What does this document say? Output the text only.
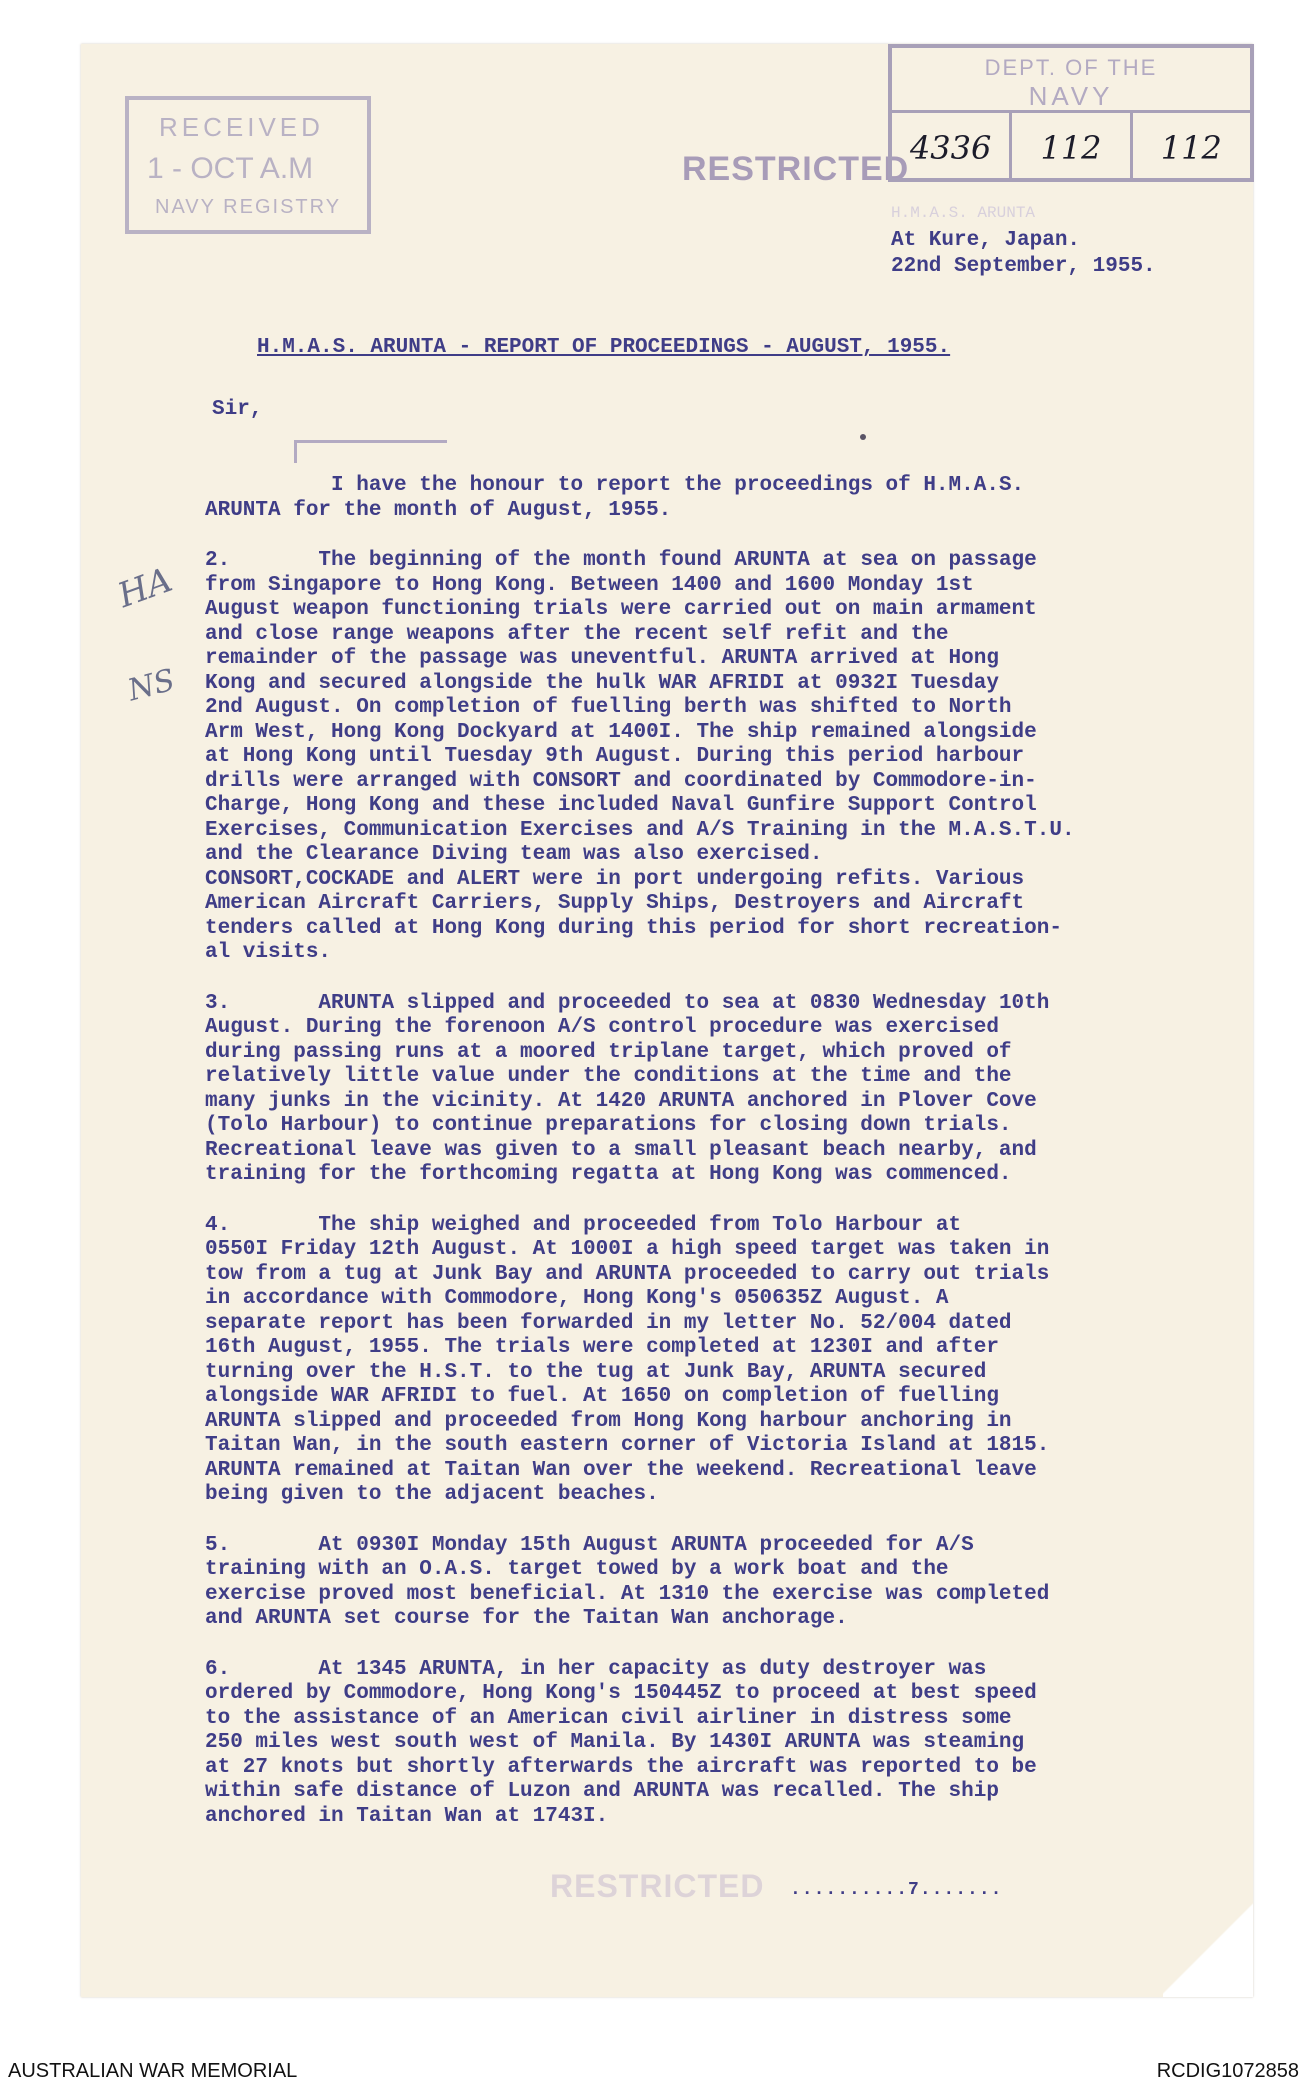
RECEIVED
1 - OCT A.M
NAVY REGISTRY
RESTRICTED
DEPT. OF THE
NAVY
4336	112	112
HA
NS
H.M.A.S. ARUNTA
At Kure, Japan.
22nd September, 1955.
H.M.A.S. ARUNTA - REPORT OF PROCEEDINGS - AUGUST, 1955.
Sir,

I have the honour to report the proceedings of H.M.A.S.
ARUNTA for the month of August, 1955.

2.	The beginning of the month found ARUNTA at sea on passage
from Singapore to Hong Kong. Between 1400 and 1600 Monday 1st
August weapon functioning trials were carried out on main armament
and close range weapons after the recent self refit and the
remainder of the passage was uneventful. ARUNTA arrived at Hong
Kong and secured alongside the hulk WAR AFRIDI at 0932I Tuesday
2nd August. On completion of fuelling berth was shifted to North
Arm West, Hong Kong Dockyard at 1400I. The ship remained alongside
at Hong Kong until Tuesday 9th August. During this period harbour
drills were arranged with CONSORT and coordinated by Commodore-in-
Charge, Hong Kong and these included Naval Gunfire Support Control
Exercises, Communication Exercises and A/S Training in the M.A.S.T.U.
and the Clearance Diving team was also exercised.
CONSORT,COCKADE and ALERT were in port undergoing refits. Various
American Aircraft Carriers, Supply Ships, Destroyers and Aircraft
tenders called at Hong Kong during this period for short recreation-
al visits.

3.	ARUNTA slipped and proceeded to sea at 0830 Wednesday 10th
August. During the forenoon A/S control procedure was exercised
during passing runs at a moored triplane target, which proved of
relatively little value under the conditions at the time and the
many junks in the vicinity. At 1420 ARUNTA anchored in Plover Cove
(Tolo Harbour) to continue preparations for closing down trials.
Recreational leave was given to a small pleasant beach nearby, and
training for the forthcoming regatta at Hong Kong was commenced.

4.	The ship weighed and proceeded from Tolo Harbour at
0550I Friday 12th August. At 1000I a high speed target was taken in
tow from a tug at Junk Bay and ARUNTA proceeded to carry out trials
in accordance with Commodore, Hong Kong's 050635Z August. A
separate report has been forwarded in my letter No. 52/004 dated
16th August, 1955. The trials were completed at 1230I and after
turning over the H.S.T. to the tug at Junk Bay, ARUNTA secured
alongside WAR AFRIDI to fuel. At 1650 on completion of fuelling
ARUNTA slipped and proceeded from Hong Kong harbour anchoring in
Taitan Wan, in the south eastern corner of Victoria Island at 1815.
ARUNTA remained at Taitan Wan over the weekend. Recreational leave
being given to the adjacent beaches.

5.	At 0930I Monday 15th August ARUNTA proceeded for A/S
training with an O.A.S. target towed by a work boat and the
exercise proved most beneficial. At 1310 the exercise was completed
and ARUNTA set course for the Taitan Wan anchorage.

6.	At 1345 ARUNTA, in her capacity as duty destroyer was
ordered by Commodore, Hong Kong's 150445Z to proceed at best speed
to the assistance of an American civil airliner in distress some
250 miles west south west of Manila. By 1430I ARUNTA was steaming
at 27 knots but shortly afterwards the aircraft was reported to be
within safe distance of Luzon and ARUNTA was recalled. The ship
anchored in Taitan Wan at 1743I.

RESTRICTED ..........7.......
AUSTRALIAN WAR MEMORIAL	RCDIG1072858
